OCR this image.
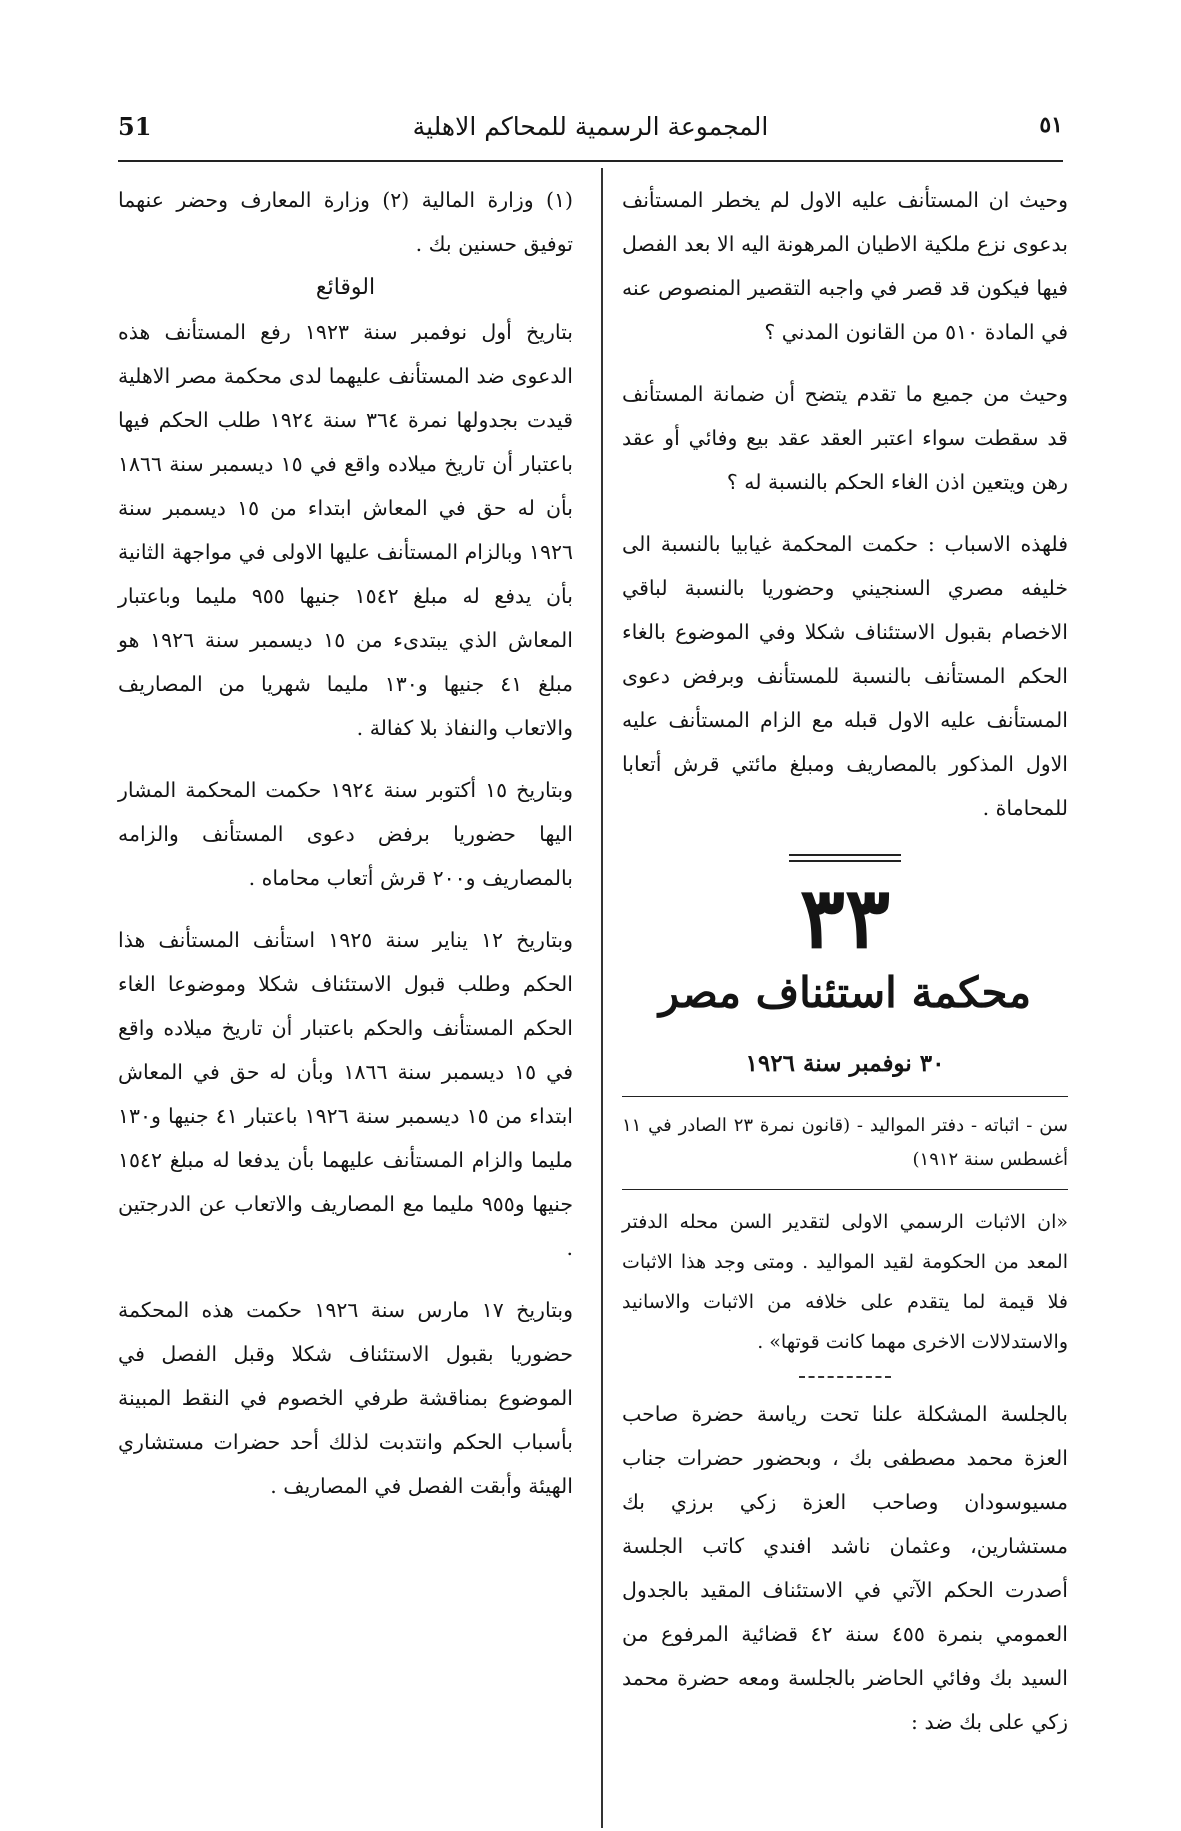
51	المجموعة الرسمية للمحاكم الاهلية	٥١

وحيث ان المستأنف عليه الاول لم يخطر المستأنف بدعوى نزع ملكية الاطيان المرهونة اليه الا بعد الفصل فيها فيكون قد قصر في واجبه التقصير المنصوص عنه في المادة ٥١٠ من القانون المدني ؟

وحيث من جميع ما تقدم يتضح أن ضمانة المستأنف قد سقطت سواء اعتبر العقد عقد بيع وفائي أو عقد رهن ويتعين اذن الغاء الحكم بالنسبة له ؟

فلهذه الاسباب : حكمت المحكمة غيابيا بالنسبة الى خليفه مصري السنجيني وحضوريا بالنسبة لباقي الاخصام بقبول الاستئناف شكلا وفي الموضوع بالغاء الحكم المستأنف بالنسبة للمستأنف وبرفض دعوى المستأنف عليه الاول قبله مع الزام المستأنف عليه الاول المذكور بالمصاريف ومبلغ مائتي قرش أتعابا للمحاماة .

٣٣
محكمة استئناف مصر
٣٠ نوفمبر سنة ١٩٢٦

سن - اثباته - دفتر المواليد - (قانون نمرة ٢٣ الصادر في ١١ أغسطس سنة ١٩١٢)

«ان الاثبات الرسمي الاولى لتقدير السن محله الدفتر المعد من الحكومة لقيد المواليد . ومتى وجد هذا الاثبات فلا قيمة لما يتقدم على خلافه من الاثبات والاسانيد والاستدلالات الاخرى مهما كانت قوتها» .

بالجلسة المشكلة علنا تحت رياسة حضرة صاحب العزة محمد مصطفى بك ، وبحضور حضرات جناب مسيوسودان وصاحب العزة زكي برزي بك مستشارين، وعثمان ناشد افندي كاتب الجلسة أصدرت الحكم الآتي في الاستئناف المقيد بالجدول العمومي بنمرة ٤٥٥ سنة ٤٢ قضائية المرفوع من السيد بك وفائي الحاضر بالجلسة ومعه حضرة محمد زكي على بك ضد :

(١) وزارة المالية (٢) وزارة المعارف وحضر عنهما توفيق حسنين بك .

الوقائع

بتاريخ أول نوفمبر سنة ١٩٢٣ رفع المستأنف هذه الدعوى ضد المستأنف عليهما لدى محكمة مصر الاهلية قيدت بجدولها نمرة ٣٦٤ سنة ١٩٢٤ طلب الحكم فيها باعتبار أن تاريخ ميلاده واقع في ١٥ ديسمبر سنة ١٨٦٦ بأن له حق في المعاش ابتداء من ١٥ ديسمبر سنة ١٩٢٦ وبالزام المستأنف عليها الاولى في مواجهة الثانية بأن يدفع له مبلغ ١٥٤٢ جنيها ٩٥٥ مليما وباعتبار المعاش الذي يبتدىء من ١٥ ديسمبر سنة ١٩٢٦ هو مبلغ ٤١ جنيها و١٣٠ مليما شهريا من المصاريف والاتعاب والنفاذ بلا كفالة .

وبتاريخ ١٥ أكتوبر سنة ١٩٢٤ حكمت المحكمة المشار اليها حضوريا برفض دعوى المستأنف والزامه بالمصاريف و٢٠٠ قرش أتعاب محاماه .

وبتاريخ ١٢ يناير سنة ١٩٢٥ استأنف المستأنف هذا الحكم وطلب قبول الاستئناف شكلا وموضوعا الغاء الحكم المستأنف والحكم باعتبار أن تاريخ ميلاده واقع في ١٥ ديسمبر سنة ١٨٦٦ وبأن له حق في المعاش ابتداء من ١٥ ديسمبر سنة ١٩٢٦ باعتبار ٤١ جنيها و١٣٠ مليما والزام المستأنف عليهما بأن يدفعا له مبلغ ١٥٤٢ جنيها و٩٥٥ مليما مع المصاريف والاتعاب عن الدرجتين .

وبتاريخ ١٧ مارس سنة ١٩٢٦ حكمت هذه المحكمة حضوريا بقبول الاستئناف شكلا وقبل الفصل في الموضوع بمناقشة طرفي الخصوم في النقط المبينة بأسباب الحكم وانتدبت لذلك أحد حضرات مستشاري الهيئة وأبقت الفصل في المصاريف .
